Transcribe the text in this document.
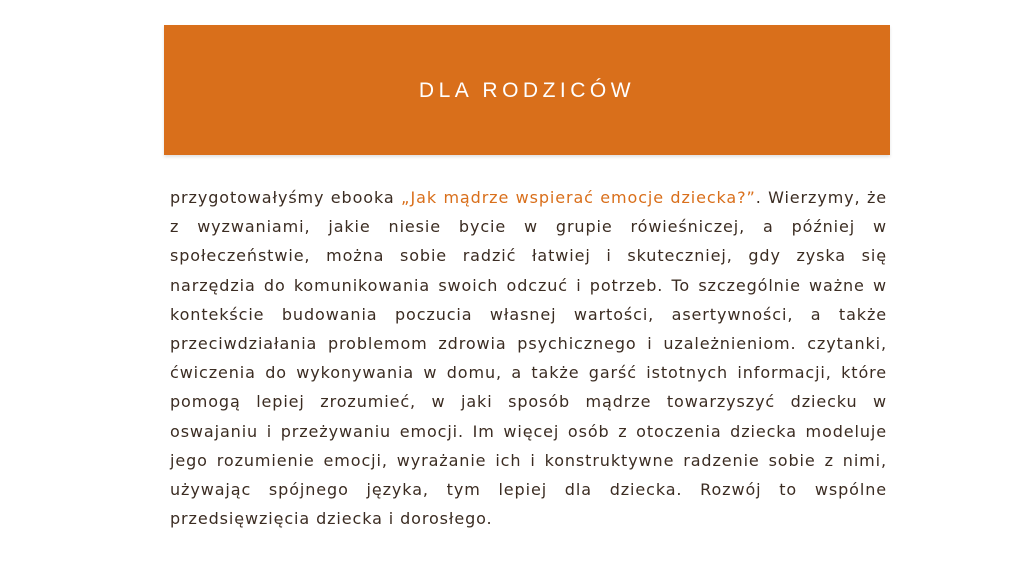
DLA RODZICÓW

przygotowałyśmy ebooka „Jak mądrze wspierać emocje dziecka?”. Wierzymy, że z wyzwaniami, jakie niesie bycie w grupie rówieśniczej, a później w społeczeństwie, można sobie radzić łatwiej i skuteczniej, gdy zyska się narzędzia do komunikowania swoich odczuć i potrzeb. To szczególnie ważne w kontekście budowania poczucia własnej wartości, asertywności, a także przeciwdziałania problemom zdrowia psychicznego i uzależnieniom. czytanki, ćwiczenia do wykonywania w domu, a także garść istotnych informacji, które pomogą lepiej zrozumieć, w jaki sposób mądrze towarzyszyć dziecku w oswajaniu i przeżywaniu emocji. Im więcej osób z otoczenia dziecka modeluje jego rozumienie emocji, wyrażanie ich i konstruktywne radzenie sobie z nimi, używając spójnego języka, tym lepiej dla dziecka. Rozwój to wspólne przedsięwzięcia dziecka i dorosłego.
